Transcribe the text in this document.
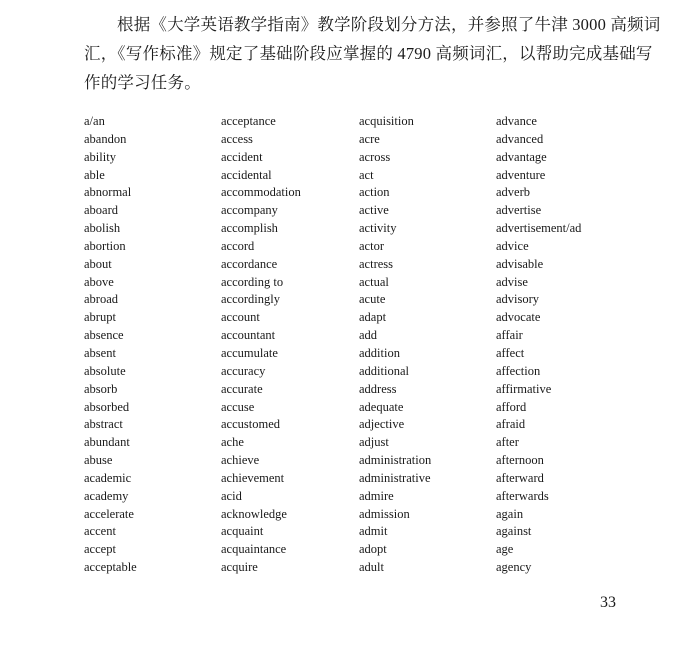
根据《大学英语教学指南》教学阶段划分方法，并参照了牛津 3000 高频词
汇，《写作标准》规定了基础阶段应掌握的 4790 高频词汇，以帮助完成基础写
作的学习任务。
a/an
abandon
ability
able
abnormal
aboard
abolish
abortion
about
above
abroad
abrupt
absence
absent
absolute
absorb
absorbed
abstract
abundant
abuse
academic
academy
accelerate
accent
accept
acceptable
acceptance
access
accident
accidental
accommodation
accompany
accomplish
accord
accordance
according to
accordingly
account
accountant
accumulate
accuracy
accurate
accuse
accustomed
ache
achieve
achievement
acid
acknowledge
acquaint
acquaintance
acquire
acquisition
acre
across
act
action
active
activity
actor
actress
actual
acute
adapt
add
addition
additional
address
adequate
adjective
adjust
administration
administrative
admire
admission
admit
adopt
adult
advance
advanced
advantage
adventure
adverb
advertise
advertisement/ad
advice
advisable
advise
advisory
advocate
affair
affect
affection
affirmative
afford
afraid
after
afternoon
afterward
afterwards
again
against
age
agency
33
